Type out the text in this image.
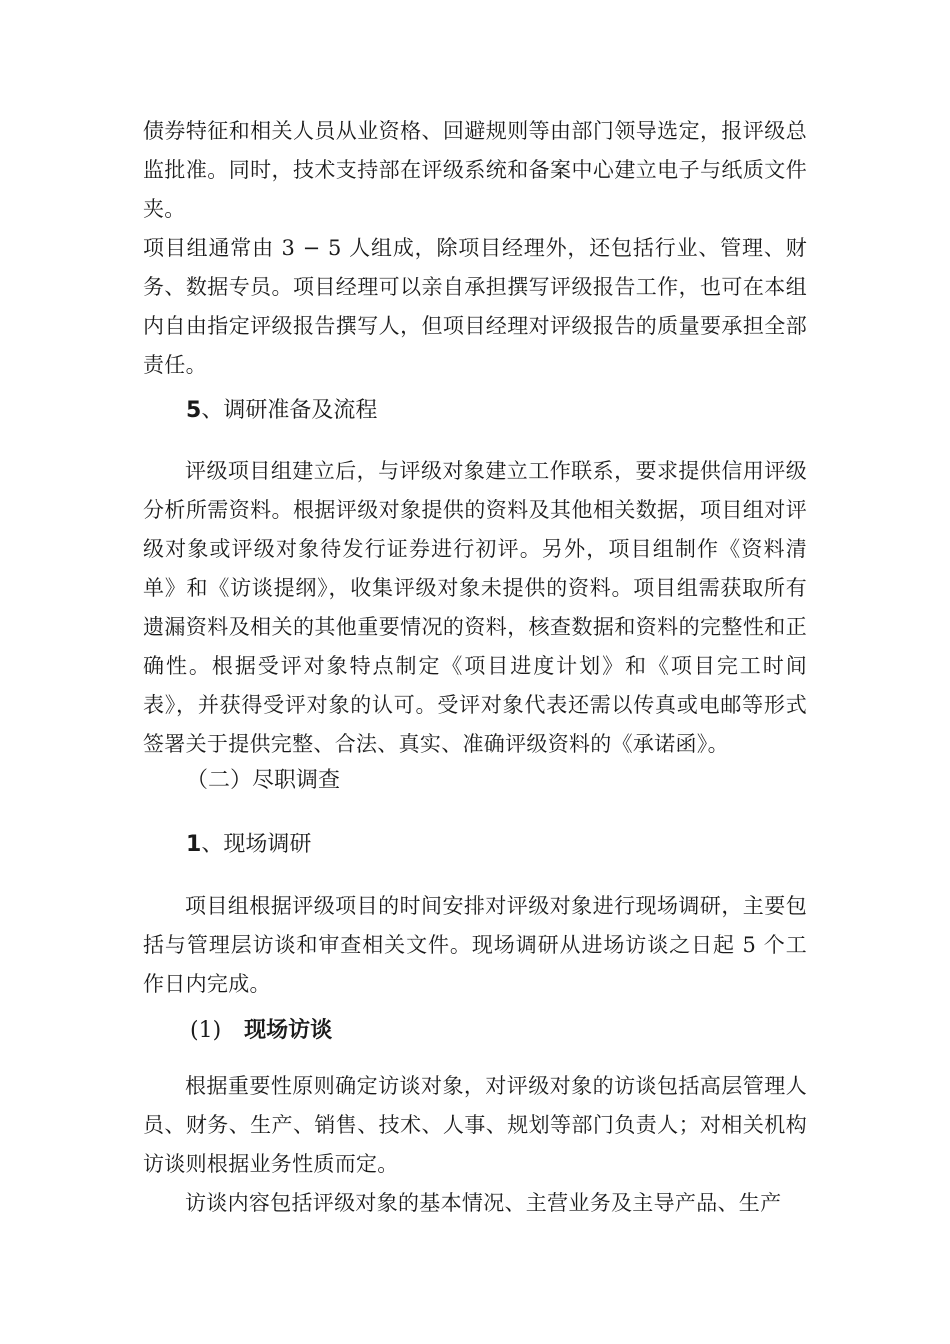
债券特征和相关人员从业资格、回避规则等由部门领导选定，报评级总监批准。同时，技术支持部在评级系统和备案中心建立电子与纸质文件夹。

项目组通常由 3 − 5 人组成，除项目经理外，还包括行业、管理、财务、数据专员。项目经理可以亲自承担撰写评级报告工作，也可在本组内自由指定评级报告撰写人，但项目经理对评级报告的质量要承担全部责任。

5、调研准备及流程

评级项目组建立后，与评级对象建立工作联系，要求提供信用评级分析所需资料。根据评级对象提供的资料及其他相关数据，项目组对评级对象或评级对象待发行证券进行初评。另外，项目组制作《资料清单》和《访谈提纲》，收集评级对象未提供的资料。项目组需获取所有遗漏资料及相关的其他重要情况的资料，核查数据和资料的完整性和正确性。根据受评对象特点制定《项目进度计划》和《项目完工时间表》，并获得受评对象的认可。受评对象代表还需以传真或电邮等形式签署关于提供完整、合法、真实、准确评级资料的《承诺函》。

（二）尽职调查
1、现场调研

项目组根据评级项目的时间安排对评级对象进行现场调研，主要包括与管理层访谈和审查相关文件。现场调研从进场访谈之日起 5 个工作日内完成。

(1) 现场访谈

根据重要性原则确定访谈对象，对评级对象的访谈包括高层管理人员、财务、生产、销售、技术、人事、规划等部门负责人；对相关机构访谈则根据业务性质而定。

访谈内容包括评级对象的基本情况、主营业务及主导产品、生产
